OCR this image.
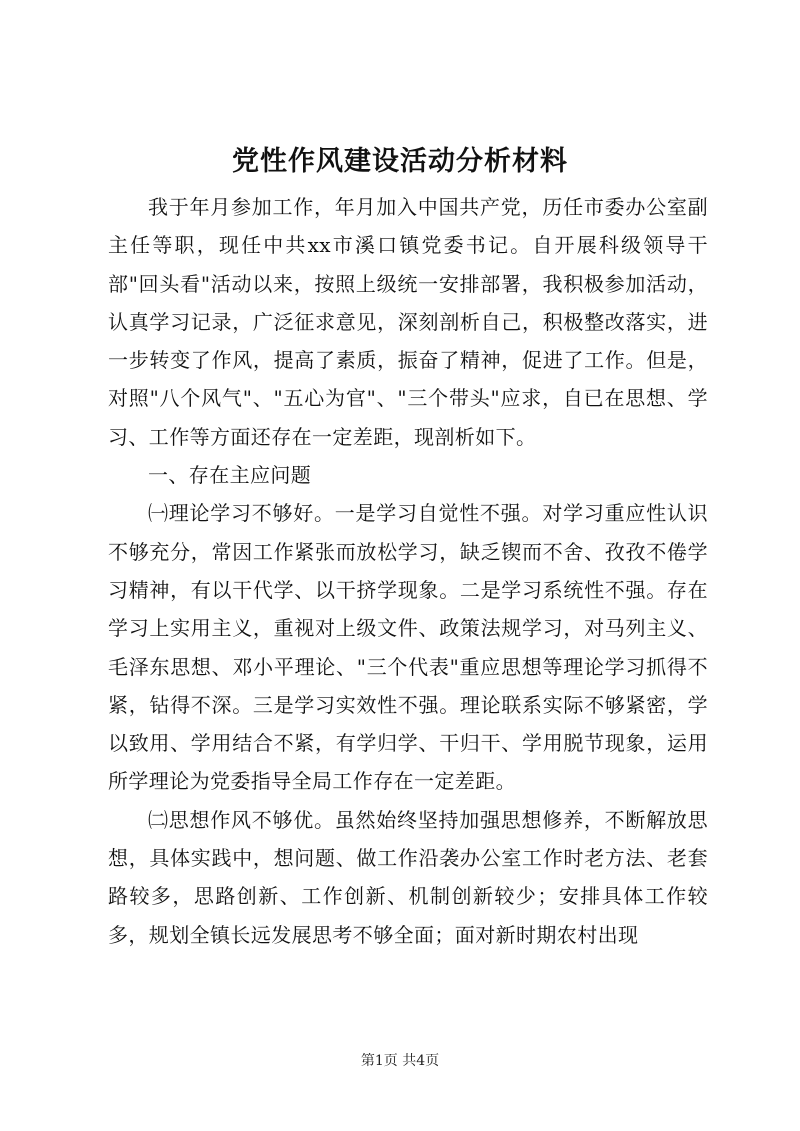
党性作风建设活动分析材料

我于年月参加工作，年月加入中国共产党，历任市委办公室副主任等职，现任中共xx市溪口镇党委书记。自开展科级领导干部"回头看"活动以来，按照上级统一安排部署，我积极参加活动，认真学习记录，广泛征求意见，深刻剖析自己，积极整改落实，进一步转变了作风，提高了素质，振奋了精神，促进了工作。但是，对照"八个风气"、"五心为官"、"三个带头"应求，自已在思想、学习、工作等方面还存在一定差距，现剖析如下。

一、存在主应问题

㈠理论学习不够好。一是学习自觉性不强。对学习重应性认识不够充分，常因工作紧张而放松学习，缺乏锲而不舍、孜孜不倦学习精神，有以干代学、以干挤学现象。二是学习系统性不强。存在学习上实用主义，重视对上级文件、政策法规学习，对马列主义、毛泽东思想、邓小平理论、"三个代表"重应思想等理论学习抓得不紧，钻得不深。三是学习实效性不强。理论联系实际不够紧密，学以致用、学用结合不紧，有学归学、干归干、学用脱节现象，运用所学理论为党委指导全局工作存在一定差距。

㈡思想作风不够优。虽然始终坚持加强思想修养，不断解放思想，具体实践中，想问题、做工作沿袭办公室工作时老方法、老套路较多，思路创新、工作创新、机制创新较少；安排具体工作较多，规划全镇长远发展思考不够全面；面对新时期农村出现

第1页 共4页
